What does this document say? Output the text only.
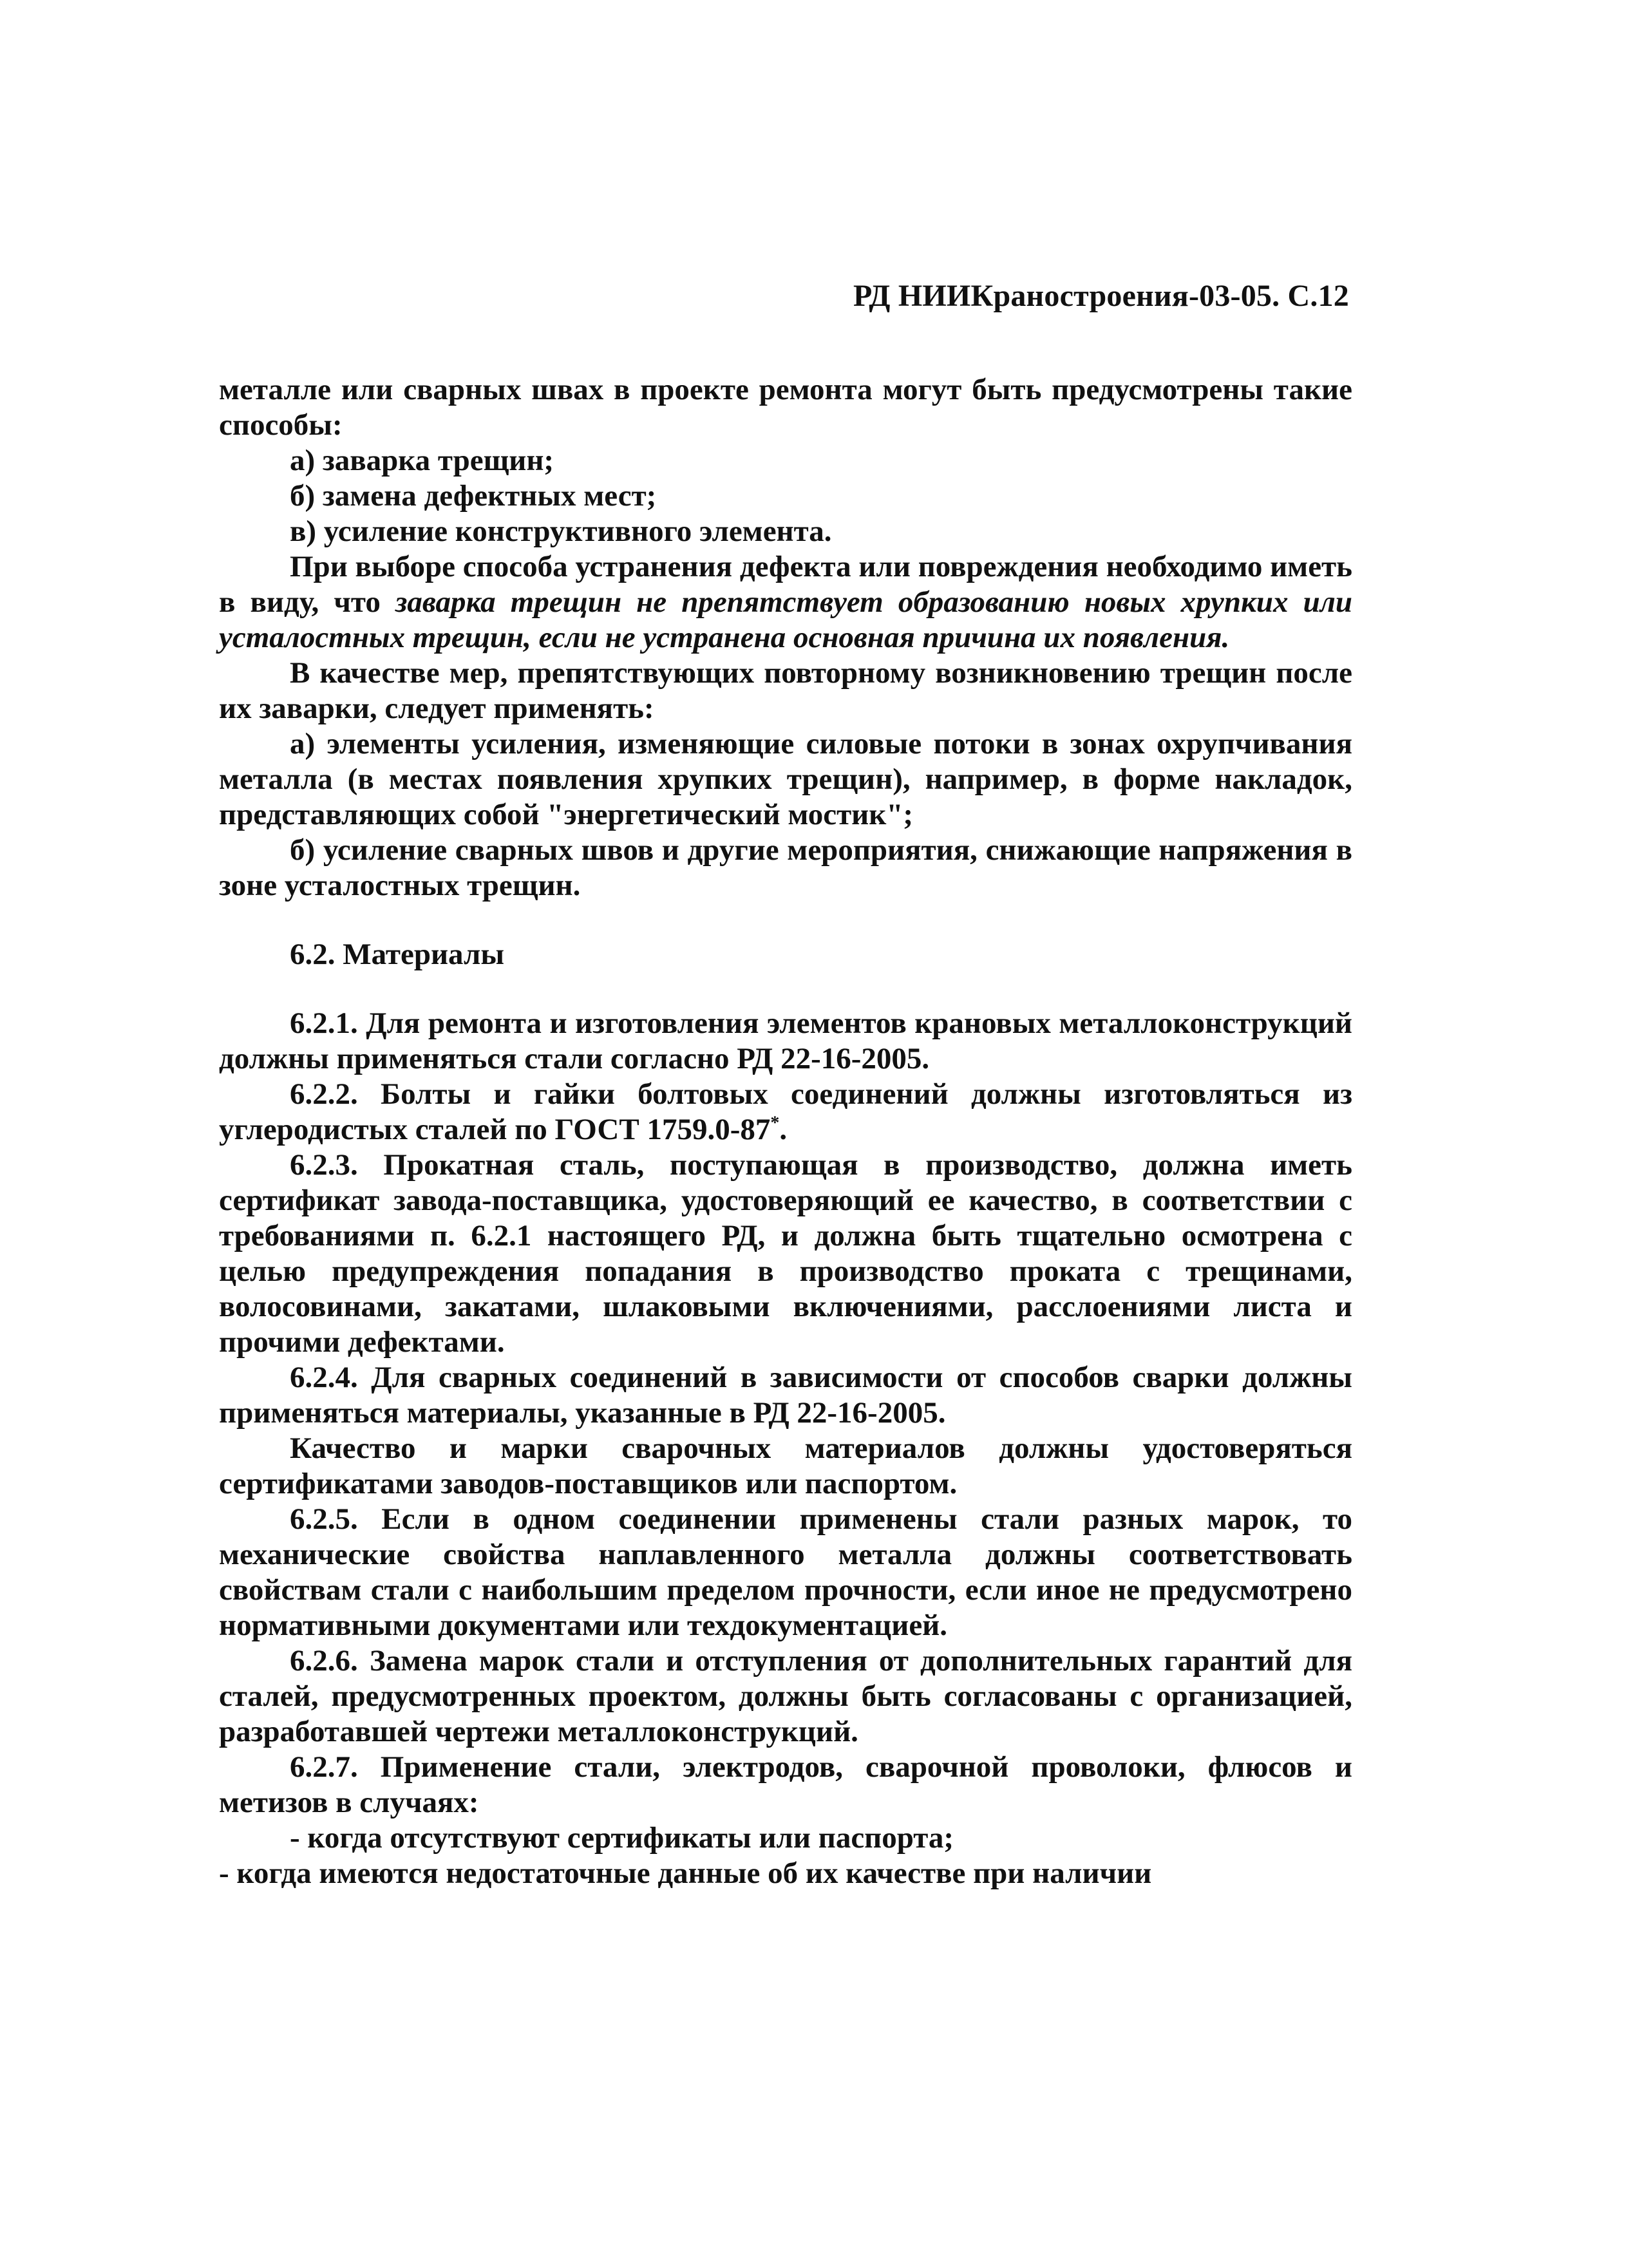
РД НИИКраностроения-03-05. С.12

металле или сварных швах в проекте ремонта могут быть предусмотрены такие способы:

а) заварка трещин;

б) замена дефектных мест;

в) усиление конструктивного элемента.

При выборе способа устранения дефекта или повреждения необходимо иметь в виду, что заварка трещин не препятствует образованию новых хрупких или усталостных трещин, если не устранена основная причина их появления.

В качестве мер, препятствующих повторному возникновению трещин после их заварки, следует применять:

а) элементы усиления, изменяющие силовые потоки в зонах охрупчивания металла (в местах появления хрупких трещин), например, в форме накладок, представляющих собой "энергетический мостик";

б) усиление сварных швов и другие мероприятия, снижающие напряжения в зоне усталостных трещин.

6.2. Материалы

6.2.1. Для ремонта и изготовления элементов крановых металлоконструкций должны применяться стали согласно РД 22-16-2005.

6.2.2. Болты и гайки болтовых соединений должны изготовляться из углеродистых сталей по ГОСТ 1759.0-87*.

6.2.3. Прокатная сталь, поступающая в производство, должна иметь сертификат завода-поставщика, удостоверяющий ее качество, в соответствии с требованиями п. 6.2.1 настоящего РД, и должна быть тщательно осмотрена с целью предупреждения попадания в производство проката с трещинами, волосовинами, закатами, шлаковыми включениями, расслоениями листа и прочими дефектами.

6.2.4. Для сварных соединений в зависимости от способов сварки должны применяться материалы, указанные в РД 22-16-2005.

Качество и марки сварочных материалов должны удостоверяться сертификатами заводов-поставщиков или паспортом.

6.2.5. Если в одном соединении применены стали разных марок, то механические свойства наплавленного металла должны соответствовать свойствам стали с наибольшим пределом прочности, если иное не предусмотрено нормативными документами или техдокументацией.

6.2.6. Замена марок стали и отступления от дополнительных гарантий для сталей, предусмотренных проектом, должны быть согласованы с организацией, разработавшей чертежи металлоконструкций.

6.2.7. Применение стали, электродов, сварочной проволоки, флюсов и метизов в случаях:

- когда отсутствуют сертификаты или паспорта;

- когда имеются недостаточные данные об их качестве при наличии
